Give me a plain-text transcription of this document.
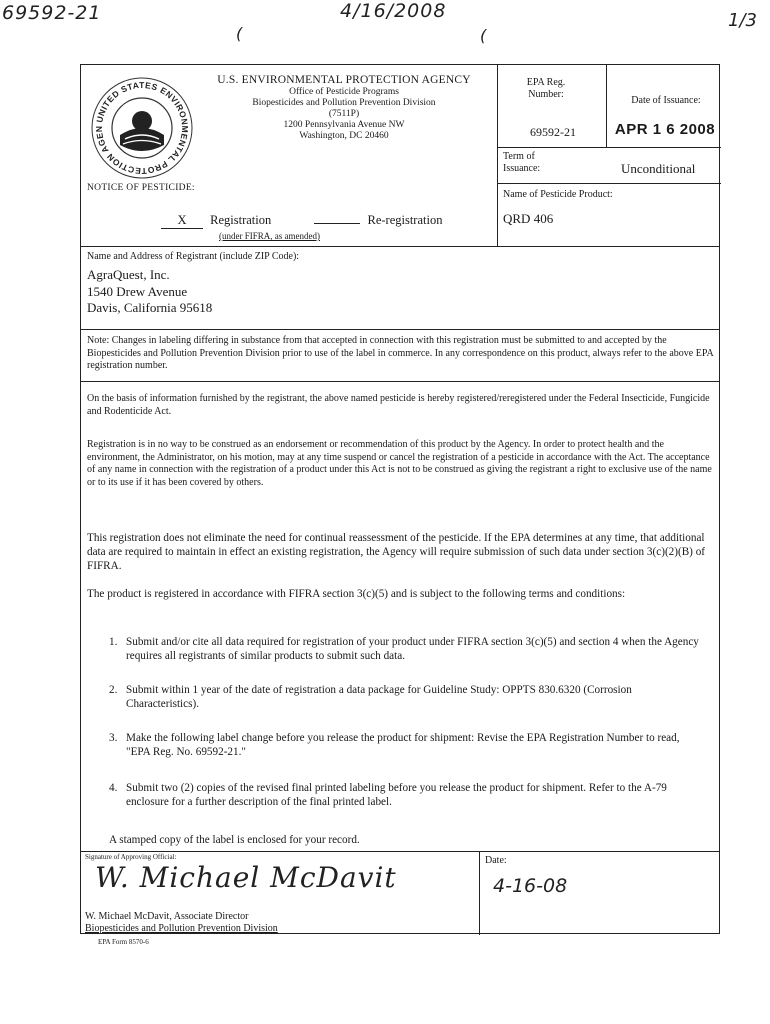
69592-21	4/16/2008	1/3
(	(
UNITED STATES ENVIRONMENTAL PROTECTION AGEN
U.S. ENVIRONMENTAL PROTECTION AGENCY
Office of Pesticide Programs
Biopesticides and Pollution Prevention Division
(7511P)
1200 Pennsylvania Avenue NW
Washington, DC 20460
NOTICE OF PESTICIDE:
X Registration	Re-registration
(under FIFRA, as amended)
EPA Reg. Number:
69592-21
Date of Issuance:
APR 1 6 2008
Term of Issuance:	Unconditional
Name of Pesticide Product:
QRD 406
Name and Address of Registrant (include ZIP Code):
AgraQuest, Inc.
1540 Drew Avenue
Davis, California 95618
Note: Changes in labeling differing in substance from that accepted in connection with this registration must be submitted to and accepted by the Biopesticides and Pollution Prevention Division prior to use of the label in commerce. In any correspondence on this product, always refer to the above EPA registration number.
On the basis of information furnished by the registrant, the above named pesticide is hereby registered/reregistered under the Federal Insecticide, Fungicide and Rodenticide Act.
Registration is in no way to be construed as an endorsement or recommendation of this product by the Agency. In order to protect health and the environment, the Administrator, on his motion, may at any time suspend or cancel the registration of a pesticide in accordance with the Act. The acceptance of any name in connection with the registration of a product under this Act is not to be construed as giving the registrant a right to exclusive use of the name or to its use if it has been covered by others.
This registration does not eliminate the need for continual reassessment of the pesticide. If the EPA determines at any time, that additional data are required to maintain in effect an existing registration, the Agency will require submission of such data under section 3(c)(2)(B) of FIFRA.
The product is registered in accordance with FIFRA section 3(c)(5) and is subject to the following terms and conditions:
1. Submit and/or cite all data required for registration of your product under FIFRA section 3(c)(5) and section 4 when the Agency requires all registrants of similar products to submit such data.
2. Submit within 1 year of the date of registration a data package for Guideline Study: OPPTS 830.6320 (Corrosion Characteristics).
3. Make the following label change before you release the product for shipment: Revise the EPA Registration Number to read, "EPA Reg. No. 69592-21."
4. Submit two (2) copies of the revised final printed labeling before you release the product for shipment. Refer to the A-79 enclosure for a further description of the final printed label.
A stamped copy of the label is enclosed for your record.
Signature of Approving Official:
W. Michael McDavit
W. Michael McDavit, Associate Director
Biopesticides and Pollution Prevention Division
Date:
4-16-08
EPA Form 8570-6
